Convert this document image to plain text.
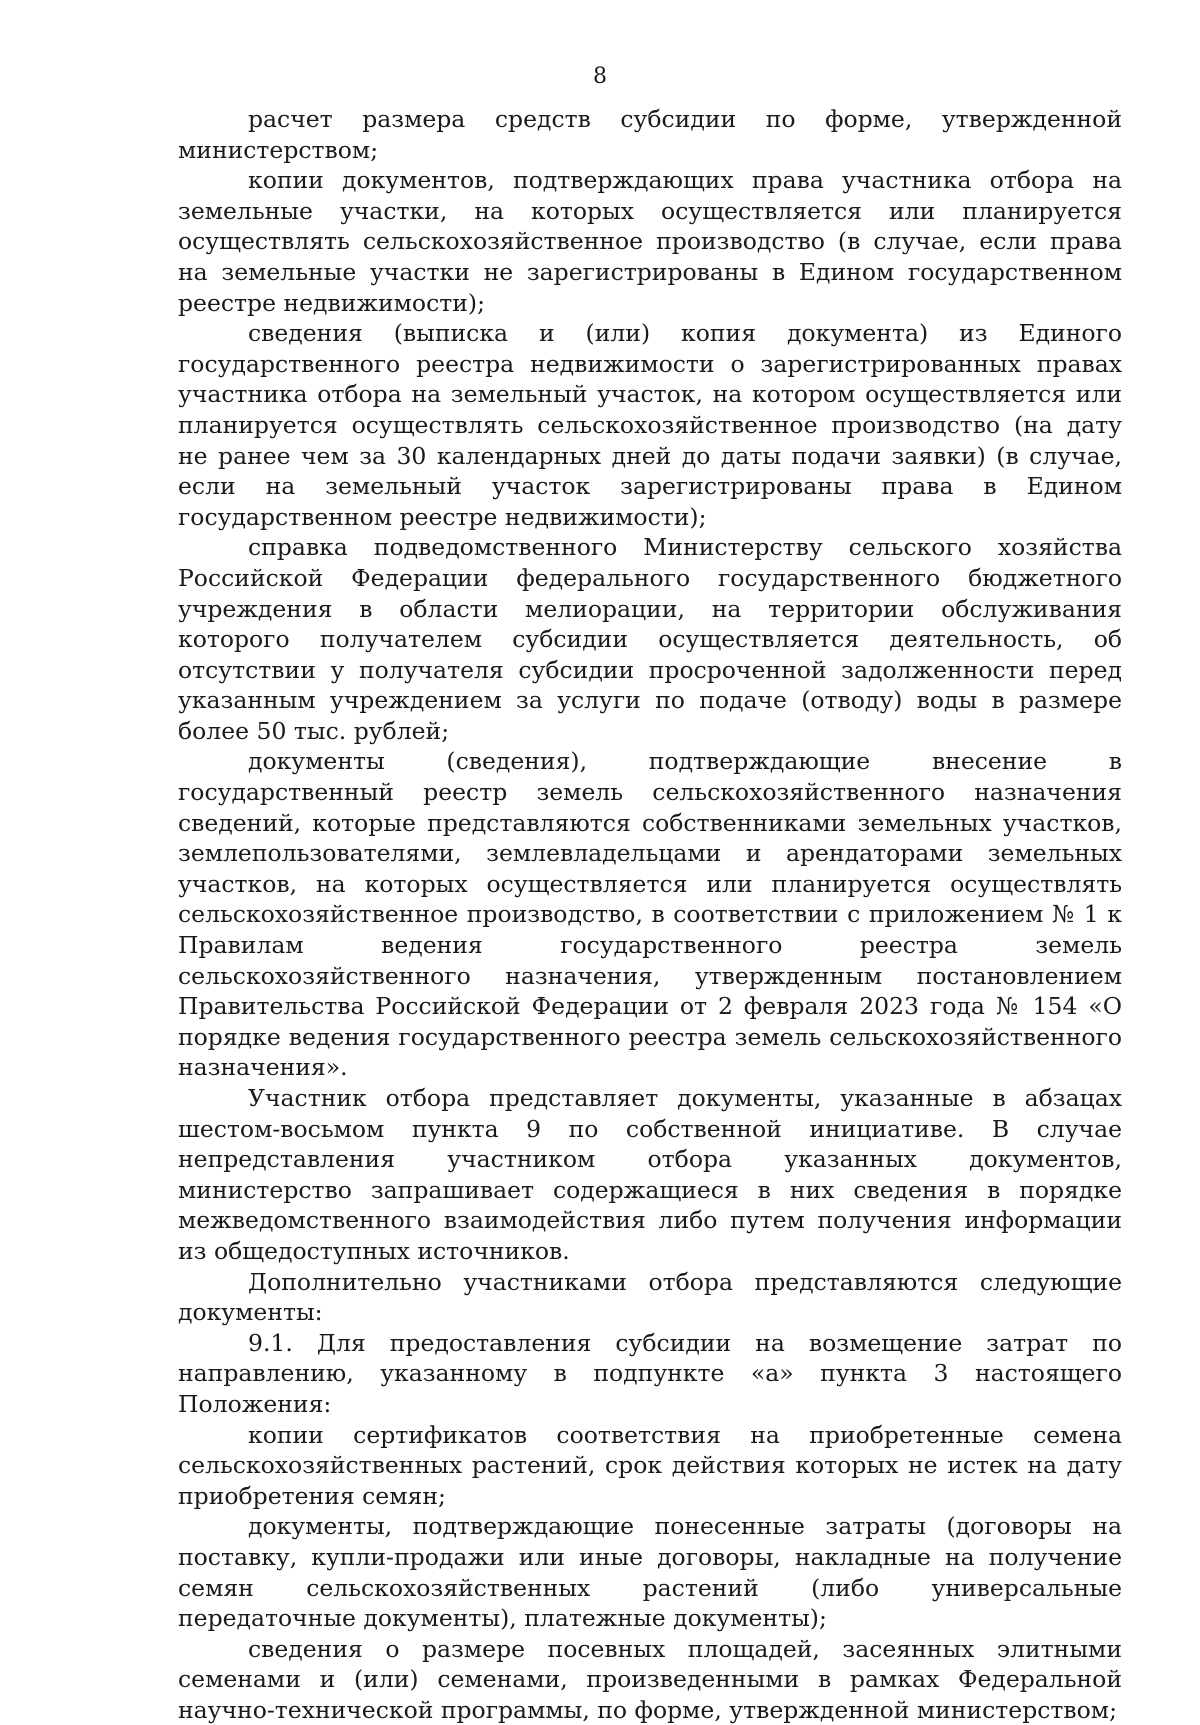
8

расчет размера средств субсидии по форме, утвержденной министерством;

копии документов, подтверждающих права участника отбора на земельные участки, на которых осуществляется или планируется осуществлять сельскохозяйственное производство (в случае, если права на земельные участки не зарегистрированы в Едином государственном реестре недвижимости);

сведения (выписка и (или) копия документа) из Единого государственного реестра недвижимости о зарегистрированных правах участника отбора на земельный участок, на котором осуществляется или планируется осуществлять сельскохозяйственное производство (на дату не ранее чем за 30 календарных дней до даты подачи заявки) (в случае, если на земельный участок зарегистрированы права в Едином государственном реестре недвижимости);

справка подведомственного Министерству сельского хозяйства Российской Федерации федерального государственного бюджетного учреждения в области мелиорации, на территории обслуживания которого получателем субсидии осуществляется деятельность, об отсутствии у получателя субсидии просроченной задолженности перед указанным учреждением за услуги по подаче (отводу) воды в размере более 50 тыс. рублей;

документы (сведения), подтверждающие внесение в государственный реестр земель сельскохозяйственного назначения сведений, которые представляются собственниками земельных участков, землепользователями, землевладельцами и арендаторами земельных участков, на которых осуществляется или планируется осуществлять сельскохозяйственное производство, в соответствии с приложением № 1 к Правилам ведения государственного реестра земель сельскохозяйственного назначения, утвержденным постановлением Правительства Российской Федерации от 2 февраля 2023 года № 154 «О порядке ведения государственного реестра земель сельскохозяйственного назначения».

Участник отбора представляет документы, указанные в абзацах шестом-восьмом пункта 9 по собственной инициативе. В случае непредставления участником отбора указанных документов, министерство запрашивает содержащиеся в них сведения в порядке межведомственного взаимодействия либо путем получения информации из общедоступных источников.

Дополнительно участниками отбора представляются следующие документы:

9.1. Для предоставления субсидии на возмещение затрат по направлению, указанному в подпункте «а» пункта 3 настоящего Положения:

копии сертификатов соответствия на приобретенные семена сельскохозяйственных растений, срок действия которых не истек на дату приобретения семян;

документы, подтверждающие понесенные затраты (договоры на поставку, купли-продажи или иные договоры, накладные на получение семян сельскохозяйственных растений (либо универсальные передаточные документы), платежные документы);

сведения о размере посевных площадей, засеянных элитными семенами и (или) семенами, произведенными в рамках Федеральной научно-технической программы, по форме, утвержденной министерством;
